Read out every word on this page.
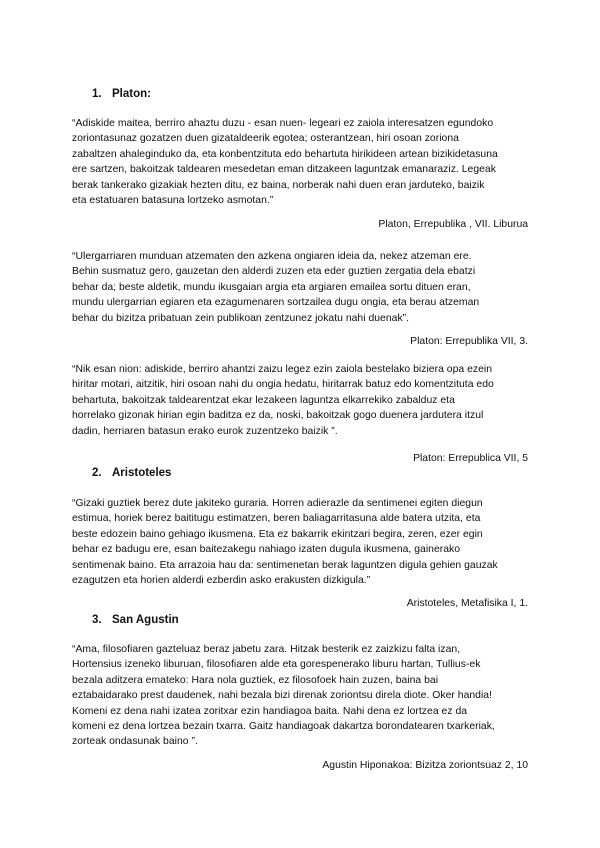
1. Platon:
“Adiskide maitea, berriro ahaztu duzu - esan nuen- legeari ez zaiola interesatzen egundoko
zoriontasunaz gozatzen duen gizataldeerik egotea; osterantzean, hiri osoan zoriona
zabaltzen ahaleginduko da, eta konbentzituta edo behartuta hirikideen artean bizikidetasuna
ere sartzen, bakoitzak taldearen mesedetan eman ditzakeen laguntzak emanaraziz. Legeak
berak tankerako gizakiak hezten ditu, ez baina, norberak nahi duen eran jarduteko, baizik
eta estatuaren batasuna lortzeko asmotan.”
Platon, Errepublika , VII. Liburua
“Ulergarriaren munduan atzematen den azkena ongiaren ideia da, nekez atzeman ere.
Behin susmatuz gero, gauzetan den alderdi zuzen eta eder guztien zergatia dela ebatzi
behar da; beste aldetik, mundu ikusgaian argia eta argiaren emailea sortu dituen eran,
mundu ulergarrian egiaren eta ezagumenaren sortzailea dugu ongia, eta berau atzeman
behar du bizitza pribatuan zein publikoan zentzunez jokatu nahi duenak”.
Platon: Errepublika VII, 3.
“Nik esan nion: adiskide, berriro ahantzi zaizu legez ezin zaiola bestelako biziera opa ezein
hiritar motari, aitzitik, hiri osoan nahi du ongia hedatu, hiritarrak batuz edo komentzituta edo
behartuta, bakoitzak taldearentzat ekar lezakeen laguntza elkarrekiko zabalduz eta
horrelako gizonak hirian egin baditza ez da, noski, bakoitzak gogo duenera jardutera itzul
dadin, herriaren batasun erako eurok zuzentzeko baizik ”.
Platon: Errepublica VII, 5
2. Aristoteles
“Gizaki guztiek berez dute jakiteko guraria. Horren adierazle da sentimenei egiten diegun
estimua, horiek berez baititugu estimatzen, beren baliagarritasuna alde batera utzita, eta
beste edozein baino gehiago ikusmena. Eta ez bakarrik ekintzari begira, zeren, ezer egin
behar ez badugu ere, esan baitezakegu nahiago izaten dugula ikusmena, gainerako
sentimenak baino. Eta arrazoia hau da: sentimenetan berak laguntzen digula gehien gauzak
ezagutzen eta horien alderdi ezberdin asko erakusten dizkigula.”
Aristoteles, Metafisika I, 1.
3. San Agustin
“Ama, filosofiaren gazteluaz beraz jabetu zara. Hitzak besterik ez zaizkizu falta izan,
Hortensius izeneko liburuan, filosofiaren alde eta gorespenerako liburu hartan, Tullius-ek
bezala aditzera emateko: Hara nola guztiek, ez filosofoek hain zuzen, baina bai
eztabaidarako prest daudenek, nahi bezala bizi direnak zoriontsu direla diote. Oker handia!
Komeni ez dena nahi izatea zoritxar ezin handiagoa baita. Nahi dena ez lortzea ez da
komeni ez dena lortzea bezain txarra. Gaitz handiagoak dakartza borondatearen txarkeriak,
zorteak ondasunak baino ”.
Agustin Hiponakoa: Bizitza zoriontsuaz 2, 10
